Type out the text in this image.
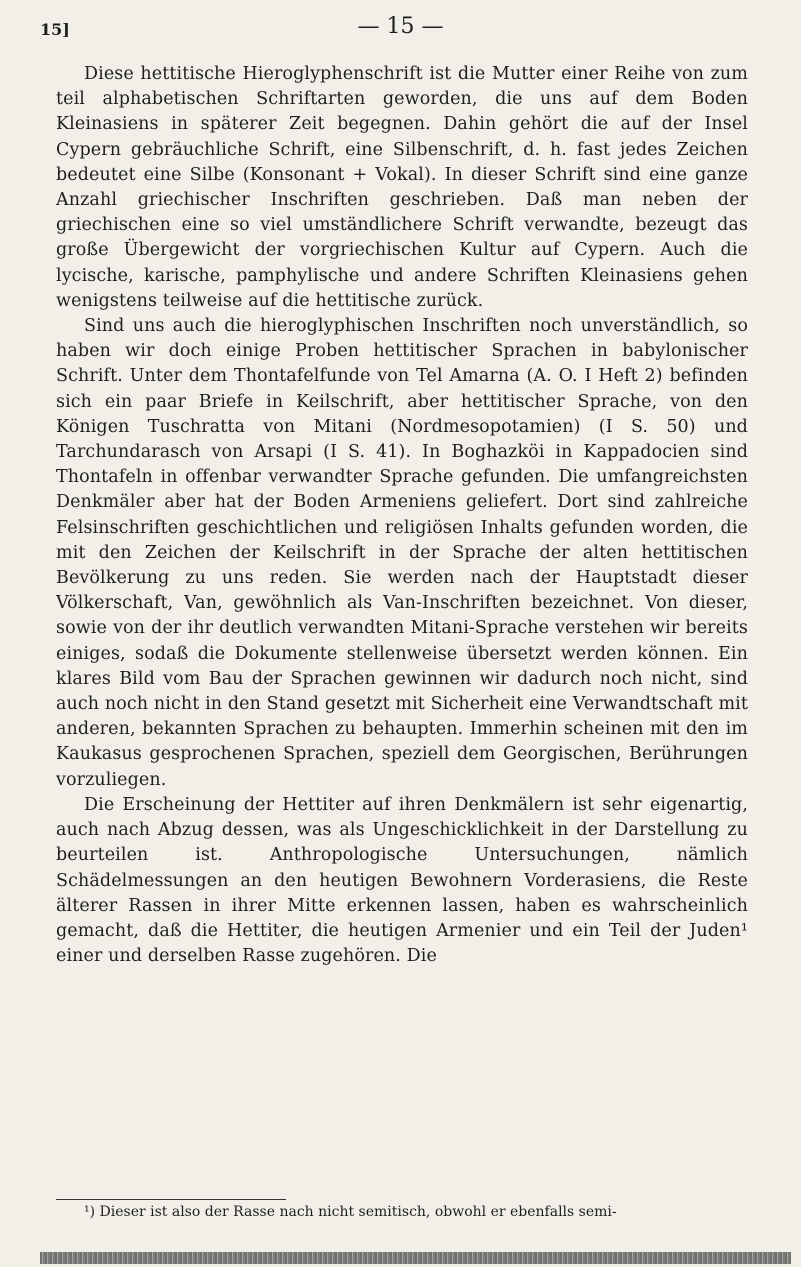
15]	— 15 —

Diese hettitische Hieroglyphenschrift ist die Mutter einer Reihe von zum teil alphabetischen Schriftarten geworden, die uns auf dem Boden Kleinasiens in späterer Zeit begegnen. Dahin gehört die auf der Insel Cypern gebräuchliche Schrift, eine Silbenschrift, d. h. fast jedes Zeichen bedeutet eine Silbe (Konsonant + Vokal). In dieser Schrift sind eine ganze Anzahl griechischer Inschriften geschrieben. Daß man neben der griechischen eine so viel umständlichere Schrift verwandte, bezeugt das große Übergewicht der vorgriechischen Kultur auf Cypern. Auch die lycische, karische, pamphylische und andere Schriften Kleinasiens gehen wenigstens teilweise auf die hettitische zurück.

Sind uns auch die hieroglyphischen Inschriften noch unverständlich, so haben wir doch einige Proben hettitischer Sprachen in babylonischer Schrift. Unter dem Thontafelfunde von Tel Amarna (A. O. I Heft 2) befinden sich ein paar Briefe in Keilschrift, aber hettitischer Sprache, von den Königen Tuschratta von Mitani (Nordmesopotamien) (I S. 50) und Tarchundarasch von Arsapi (I S. 41). In Boghazköi in Kappadocien sind Thontafeln in offenbar verwandter Sprache gefunden. Die umfangreichsten Denkmäler aber hat der Boden Armeniens geliefert. Dort sind zahlreiche Felsinschriften geschichtlichen und religiösen Inhalts gefunden worden, die mit den Zeichen der Keilschrift in der Sprache der alten hettitischen Bevölkerung zu uns reden. Sie werden nach der Hauptstadt dieser Völkerschaft, Van, gewöhnlich als Van-Inschriften bezeichnet. Von dieser, sowie von der ihr deutlich verwandten Mitani-Sprache verstehen wir bereits einiges, sodaß die Dokumente stellenweise übersetzt werden können. Ein klares Bild vom Bau der Sprachen gewinnen wir dadurch noch nicht, sind auch noch nicht in den Stand gesetzt mit Sicherheit eine Verwandtschaft mit anderen, bekannten Sprachen zu behaupten. Immerhin scheinen mit den im Kaukasus gesprochenen Sprachen, speziell dem Georgischen, Berührungen vorzuliegen.

Die Erscheinung der Hettiter auf ihren Denkmälern ist sehr eigenartig, auch nach Abzug dessen, was als Ungeschicklichkeit in der Darstellung zu beurteilen ist. Anthropologische Untersuchungen, nämlich Schädelmessungen an den heutigen Bewohnern Vorderasiens, die Reste älterer Rassen in ihrer Mitte erkennen lassen, haben es wahrscheinlich gemacht, daß die Hettiter, die heutigen Armenier und ein Teil der Juden¹ einer und derselben Rasse zugehören. Die

¹) Dieser ist also der Rasse nach nicht semitisch, obwohl er ebenfalls semi-
